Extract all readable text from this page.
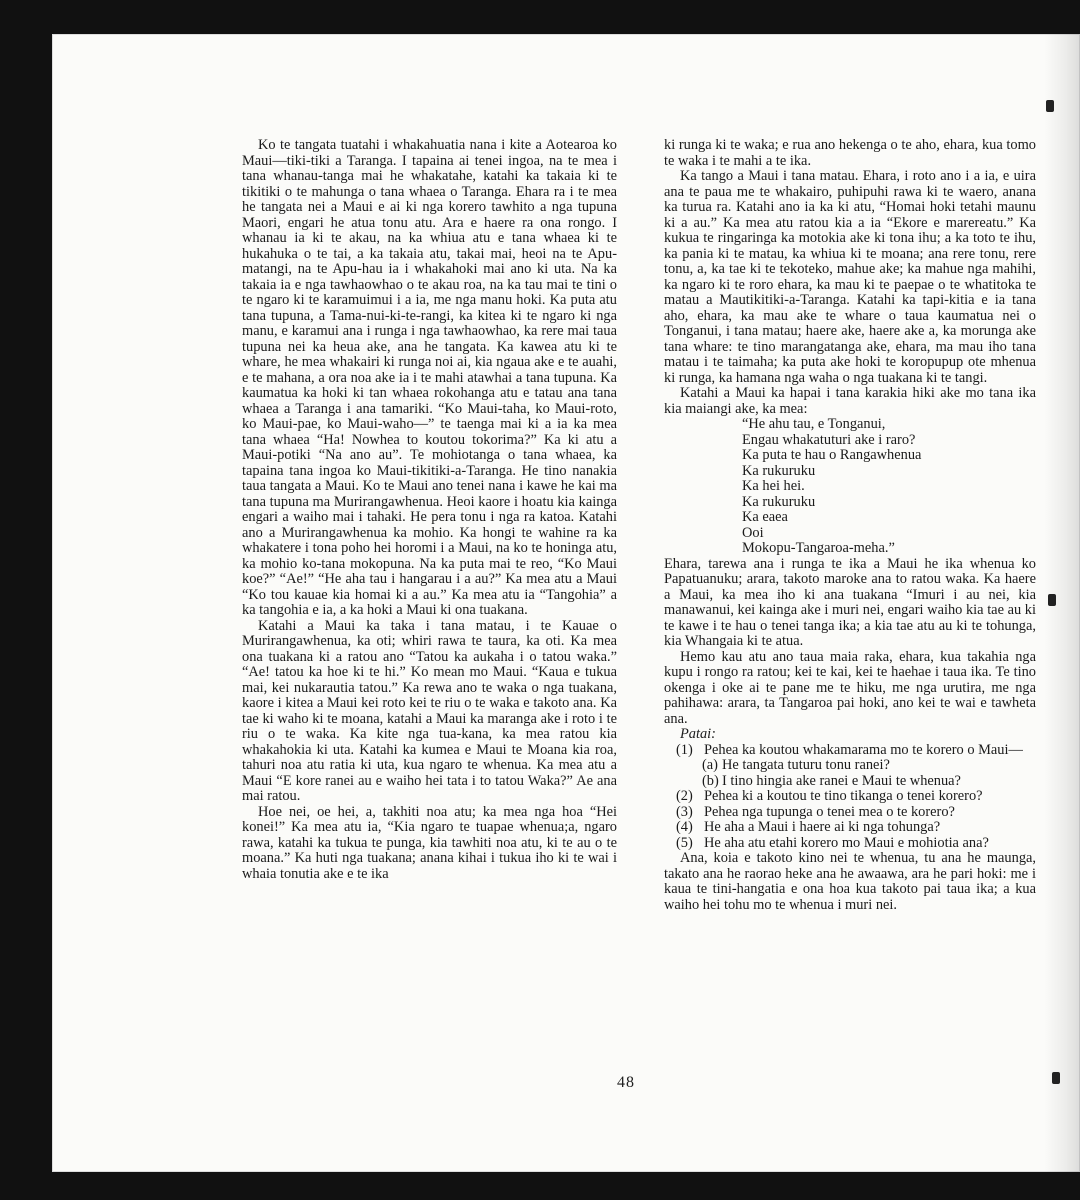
Ko te tangata tuatahi i whakahuatia nana i kite a Aotearoa ko Maui—tiki-tiki a Taranga. I tapaina ai tenei ingoa, na te mea i tana whanau-tanga mai he whakatahe, katahi ka takaia ki te tikitiki o te mahunga o tana whaea o Taranga. Ehara ra i te mea he tangata nei a Maui e ai ki nga korero tawhito a nga tupuna Maori, engari he atua tonu atu. Ara e haere ra ona rongo. I whanau ia ki te akau, na ka whiua atu e tana whaea ki te hukahuka o te tai, a ka takaia atu, takai mai, heoi na te Apu-matangi, na te Apu-hau ia i whakahoki mai ano ki uta. Na ka takaia ia e nga tawhaowhao o te akau roa, na ka tau mai te tini o te ngaro ki te karamuimui i a ia, me nga manu hoki. Ka puta atu tana tupuna, a Tama-nui-ki-te-rangi, ka kitea ki te ngaro ki nga manu, e karamui ana i runga i nga tawhaowhao, ka rere mai taua tupuna nei ka heua ake, ana he tangata. Ka kawea atu ki te whare, he mea whakairi ki runga noi ai, kia ngaua ake e te auahi, e te mahana, a ora noa ake ia i te mahi atawhai a tana tupuna. Ka kaumatua ka hoki ki tan whaea rokohanga atu e tatau ana tana whaea a Taranga i ana tamariki. “Ko Maui-taha, ko Maui-roto, ko Maui-pae, ko Maui-waho—” te taenga mai ki a ia ka mea tana whaea “Ha! Nowhea to koutou tokorima?” Ka ki atu a Maui-potiki “Na ano au”. Te mohiotanga o tana whaea, ka tapaina tana ingoa ko Maui-tikitiki-a-Taranga. He tino nanakia taua tangata a Maui. Ko te Maui ano tenei nana i kawe he kai ma tana tupuna ma Murirangawhenua. Heoi kaore i hoatu kia kainga engari a waiho mai i tahaki. He pera tonu i nga ra katoa. Katahi ano a Murirangawhenua ka mohio. Ka hongi te wahine ra ka whakatere i tona poho hei horomi i a Maui, na ko te honinga atu, ka mohio ko-tana mokopuna. Na ka puta mai te reo, “Ko Maui koe?” “Ae!” “He aha tau i hangarau i a au?” Ka mea atu a Maui “Ko tou kauae kia homai ki a au.” Ka mea atu ia “Tangohia” a ka tangohia e ia, a ka hoki a Maui ki ona tuakana.

Katahi a Maui ka taka i tana matau, i te Kauae o Murirangawhenua, ka oti; whiri rawa te taura, ka oti. Ka mea ona tuakana ki a ratou ano “Tatou ka aukaha i o tatou waka.” “Ae! tatou ka hoe ki te hi.” Ko mean mo Maui. “Kaua e tukua mai, kei nukarautia tatou.” Ka rewa ano te waka o nga tuakana, kaore i kitea a Maui kei roto kei te riu o te waka e takoto ana. Ka tae ki waho ki te moana, katahi a Maui ka maranga ake i roto i te riu o te waka. Ka kite nga tua-kana, ka mea ratou kia whakahokia ki uta. Katahi ka kumea e Maui te Moana kia roa, tahuri noa atu ratia ki uta, kua ngaro te whenua. Ka mea atu a Maui “E kore ranei au e waiho hei tata i to tatou Waka?” Ae ana mai ratou.

Hoe nei, oe hei, a, takhiti noa atu; ka mea nga hoa “Hei konei!” Ka mea atu ia, “Kia ngaro te tuapae whenua;a, ngaro rawa, katahi ka tukua te punga, kia tawhiti noa atu, ki te au o te moana.” Ka huti nga tuakana; anana kihai i tukua iho ki te wai i whaia tonutia ake e te ika

ki runga ki te waka; e rua ano hekenga o te aho, ehara, kua tomo te waka i te mahi a te ika.

Ka tango a Maui i tana matau. Ehara, i roto ano i a ia, e uira ana te paua me te whakairo, puhipuhi rawa ki te waero, anana ka turua ra. Katahi ano ia ka ki atu, “Homai hoki tetahi maunu ki a au.” Ka mea atu ratou kia a ia “Ekore e marereatu.” Ka kukua te ringaringa ka motokia ake ki tona ihu; a ka toto te ihu, ka pania ki te matau, ka whiua ki te moana; ana rere tonu, rere tonu, a, ka tae ki te tekoteko, mahue ake; ka mahue nga mahihi, ka ngaro ki te roro ehara, ka mau ki te paepae o te whatitoka te matau a Mautikitiki-a-Taranga. Katahi ka tapi-kitia e ia tana aho, ehara, ka mau ake te whare o taua kaumatua nei o Tonganui, i tana matau; haere ake, haere ake a, ka morunga ake tana whare: te tino marangatanga ake, ehara, ma mau iho tana matau i te taimaha; ka puta ake hoki te koropupup ote mhenua ki runga, ka hamana nga waha o nga tuakana ki te tangi.

Katahi a Maui ka hapai i tana karakia hiki ake mo tana ika kia maiangi ake, ka mea:

“He ahu tau, e Tonganui,
Engau whakatuturi ake i raro?
Ka puta te hau o Rangawhenua
Ka rukuruku
Ka hei hei.
Ka rukuruku
Ka eaea
Ooi
Mokopu-Tangaroa-meha.”

Ehara, tarewa ana i runga te ika a Maui he ika whenua ko Papatuanuku; arara, takoto maroke ana to ratou waka. Ka haere a Maui, ka mea iho ki ana tuakana “Imuri i au nei, kia manawanui, kei kainga ake i muri nei, engari waiho kia tae au ki te kawe i te hau o tenei tanga ika; a kia tae atu au ki te tohunga, kia Whangaia ki te atua.

Hemo kau atu ano taua maia raka, ehara, kua takahia nga kupu i rongo ra ratou; kei te kai, kei te haehae i taua ika. Te tino okenga i oke ai te pane me te hiku, me nga urutira, me nga pahihawa: arara, ta Tangaroa pai hoki, ano kei te wai e tawheta ana.

Patai:
(1) Pehea ka koutou whakamarama mo te korero o Maui—
(a) He tangata tuturu tonu ranei?
(b) I tino hingia ake ranei e Maui te whenua?
(2) Pehea ki a koutou te tino tikanga o tenei korero?
(3) Pehea nga tupunga o tenei mea o te korero?
(4) He aha a Maui i haere ai ki nga tohunga?
(5) He aha atu etahi korero mo Maui e mohiotia ana?

Ana, koia e takoto kino nei te whenua, tu ana he maunga, takato ana he raorao heke ana he awaawa, ara he pari hoki: me i kaua te tini-hangatia e ona hoa kua takoto pai taua ika; a kua waiho hei tohu mo te whenua i muri nei.

48
